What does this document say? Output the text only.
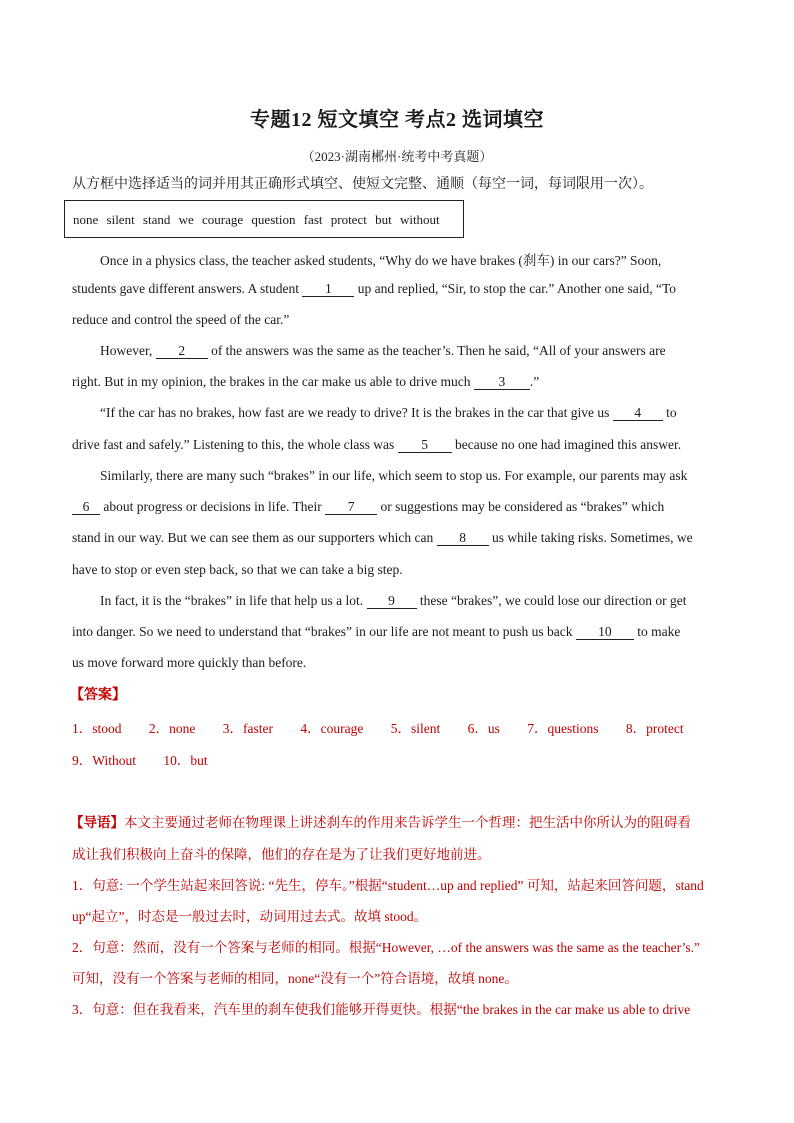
专题12 短文填空 考点2 选词填空
（2023·湖南郴州·统考中考真题）
从方框中选择适当的词并用其正确形式填空、使短文完整、通顺（每空一词，每词限用一次）。
none silent stand we courage question fast protect but without
Once in a physics class, the teacher asked students, “Why do we have brakes (刹车) in our cars?” Soon,
students gave different answers. A student 1 up and replied, “Sir, to stop the car.” Another one said, “To
reduce and control the speed of the car.”
However, 2 of the answers was the same as the teacher’s. Then he said, “All of your answers are
right. But in my opinion, the brakes in the car make us able to drive much 3 .”
“If the car has no brakes, how fast are we ready to drive? It is the brakes in the car that give us 4 to
drive fast and safely.” Listening to this, the whole class was 5 because no one had imagined this answer.
Similarly, there are many such “brakes” in our life, which seem to stop us. For example, our parents may ask
6 about progress or decisions in life. Their 7 or suggestions may be considered as “brakes” which
stand in our way. But we can see them as our supporters which can 8 us while taking risks. Sometimes, we
have to stop or even step back, so that we can take a big step.
In fact, it is the “brakes” in life that help us a lot. 9 these “brakes”, we could lose our direction or get
into danger. So we need to understand that “brakes” in our life are not meant to push us back 10 to make
us move forward more quickly than before.
【答案】
1．stood 2．none 3．faster 4．courage 5．silent 6．us 7．questions 8．protect
9．Without 10．but
【导语】本文主要通过老师在物理课上讲述刹车的作用来告诉学生一个哲理：把生活中你所认为的阻碍看
成让我们积极向上奋斗的保障，他们的存在是为了让我们更好地前进。
1．句意: 一个学生站起来回答说: “先生，停车。”根据“student…up and replied” 可知，站起来回答问题，stand
up“起立”，时态是一般过去时，动词用过去式。故填 stood。
2．句意：然而，没有一个答案与老师的相同。根据“However, …of the answers was the same as the teacher’s.”
可知，没有一个答案与老师的相同，none“没有一个”符合语境，故填 none。
3．句意：但在我看来，汽车里的刹车使我们能够开得更快。根据“the brakes in the car make us able to drive
